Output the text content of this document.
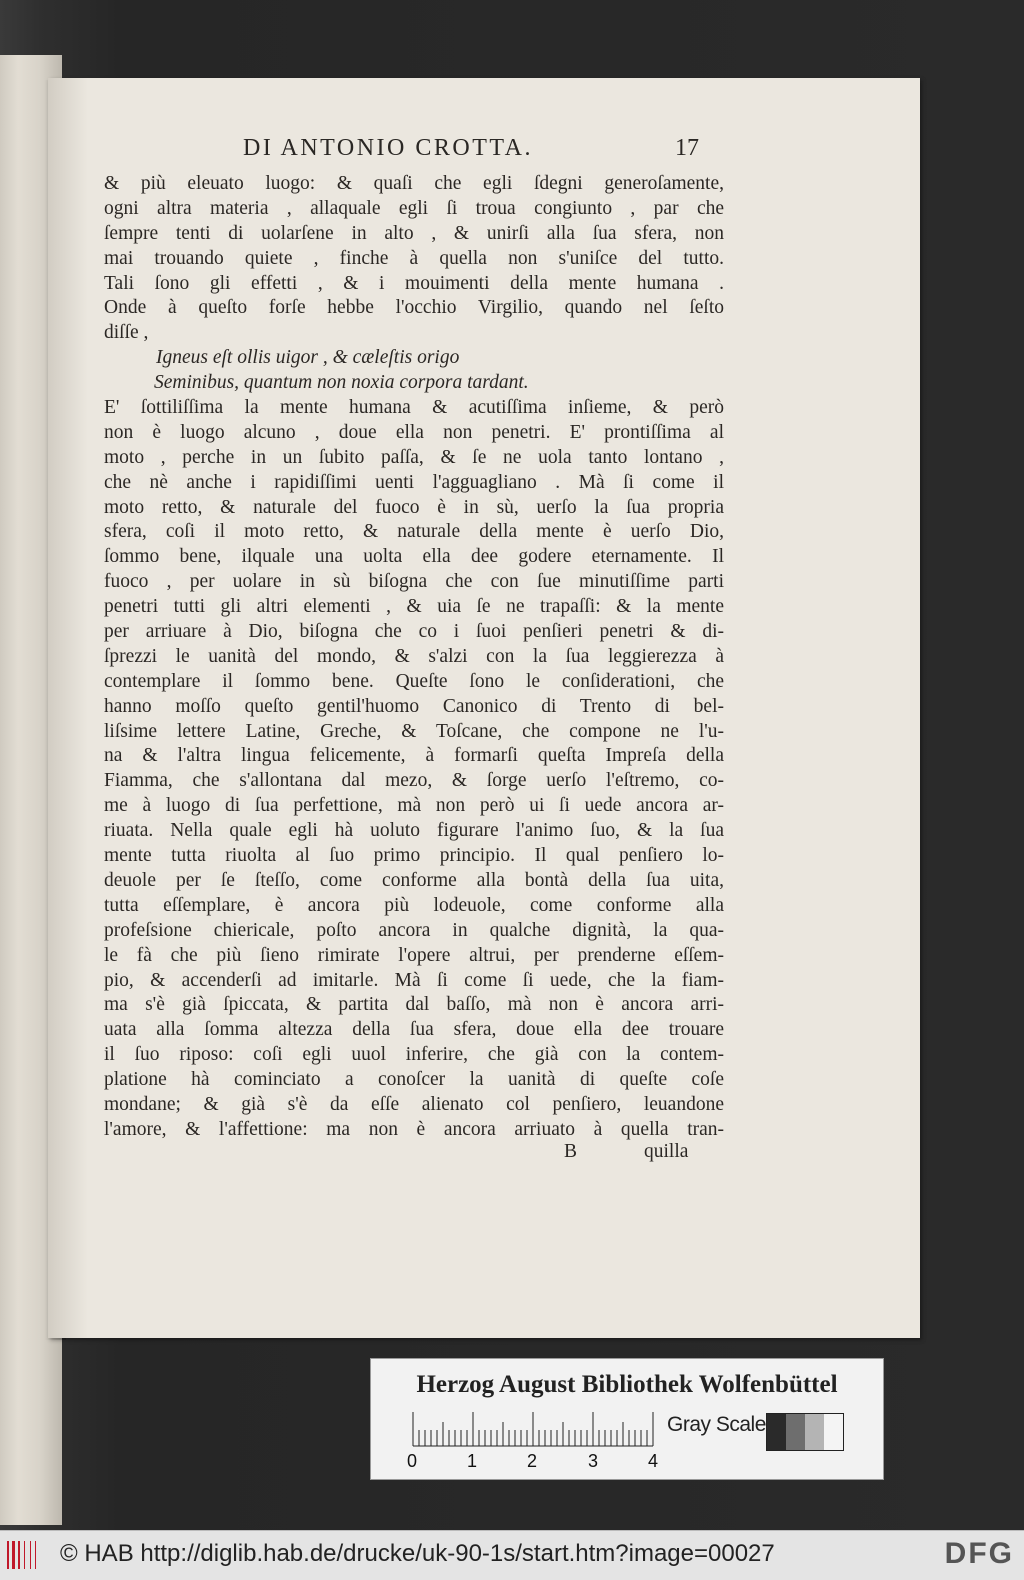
DI ANTONIO CROTTA.	17
& più eleuato luogo: & quaſi che egli ſdegni generoſamente,
ogni altra materia , allaquale egli ſi troua congiunto , par che
ſempre tenti di uolarſene in alto , & unirſi alla ſua sfera, non
mai trouando quiete , finche à quella non s'uniſce del tutto.
Tali ſono gli effetti , & i mouimenti della mente humana .
Onde à queſto forſe hebbe l'occhio Virgilio, quando nel ſeſto
diſſe ,
Igneus eſt ollis uigor , & cæleſtis origo
Seminibus, quantum non noxia corpora tardant.
E' ſottiliſſima la mente humana & acutiſſima inſieme, & però
non è luogo alcuno , doue ella non penetri. E' prontiſſima al
moto , perche in un ſubito paſſa, & ſe ne uola tanto lontano ,
che nè anche i rapidiſſimi uenti l'agguagliano . Mà ſi come il
moto retto, & naturale del fuoco è in sù, uerſo la ſua propria
sfera, coſi il moto retto, & naturale della mente è uerſo Dio,
ſommo bene, ilquale una uolta ella dee godere eternamente. Il
fuoco , per uolare in sù biſogna che con ſue minutiſſime parti
penetri tutti gli altri elementi , & uia ſe ne trapaſſi: & la mente
per arriuare à Dio, biſogna che co i ſuoi penſieri penetri & di-
ſprezzi le uanità del mondo, & s'alzi con la ſua leggierezza à
contemplare il ſommo bene. Queſte ſono le conſiderationi, che
hanno moſſo queſto gentil'huomo Canonico di Trento di bel-
liſsime lettere Latine, Greche, & Toſcane, che compone ne l'u-
na & l'altra lingua felicemente, à formarſi queſta Impreſa della
Fiamma, che s'allontana dal mezo, & ſorge uerſo l'eſtremo, co-
me à luogo di ſua perfettione, mà non però ui ſi uede ancora ar-
riuata. Nella quale egli hà uoluto figurare l'animo ſuo, & la ſua
mente tutta riuolta al ſuo primo principio. Il qual penſiero lo-
deuole per ſe ſteſſo, come conforme alla bontà della ſua uita,
tutta eſſemplare, è ancora più lodeuole, come conforme alla
profeſsione chiericale, poſto ancora in qualche dignità, la qua-
le fà che più ſieno rimirate l'opere altrui, per prenderne eſſem-
pio, & accenderſi ad imitarle. Mà ſi come ſi uede, che la fiam-
ma s'è già ſpiccata, & partita dal baſſo, mà non è ancora arri-
uata alla ſomma altezza della ſua sfera, doue ella dee trouare
il ſuo riposo: coſi egli uuol inferire, che già con la contem-
platione hà cominciato a conoſcer la uanità di queſte coſe
mondane; & già s'è da eſſe alienato col penſiero, leuandone
l'amore, & l'affettione: ma non è ancora arriuato à quella tran-
B	quilla
Herzog August Bibliothek Wolfenbüttel
0	1	2	3	4
Gray Scale
© HAB http://diglib.hab.de/drucke/uk-90-1s/start.htm?image=00027	DFG
